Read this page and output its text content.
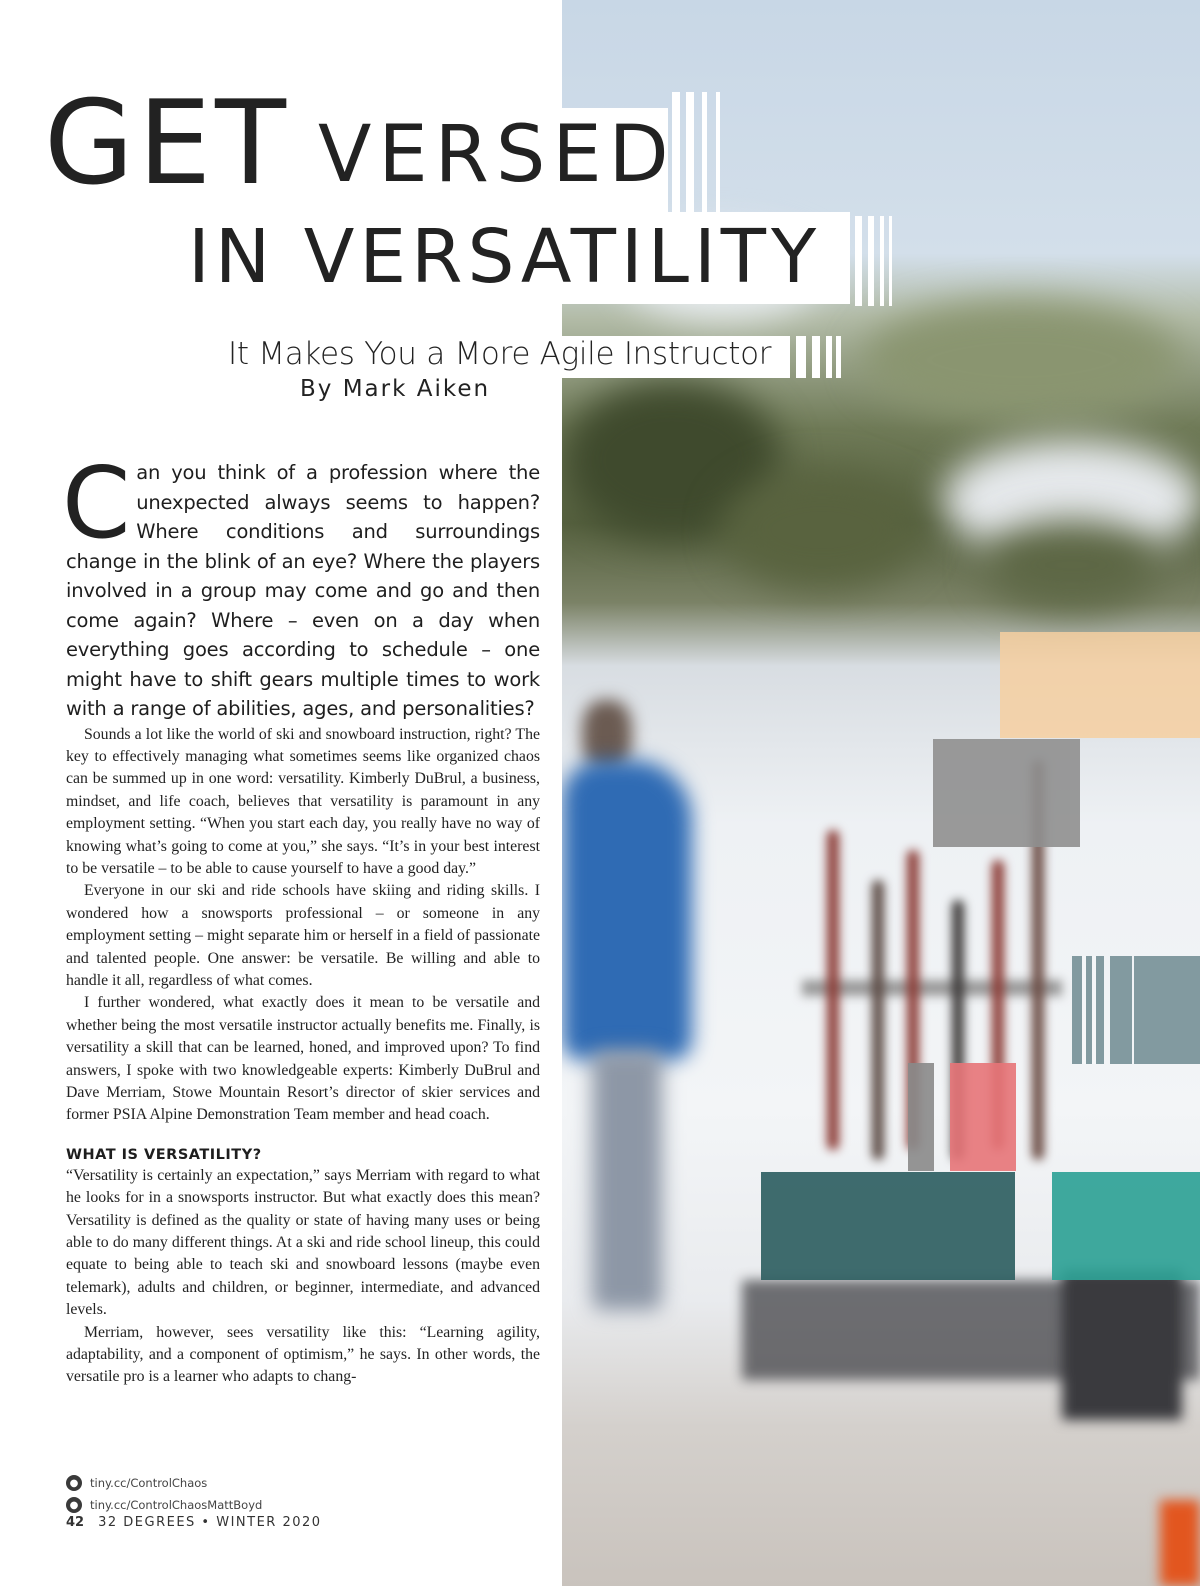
GET VERSED
IN VERSATILITY
It Makes You a More Agile Instructor
By Mark Aiken

Can you think of a profession where the unexpected always seems to happen? Where conditions and surroundings change in the blink of an eye? Where the players involved in a group may come and go and then come again? Where – even on a day when everything goes according to schedule – one might have to shift gears multiple times to work with a range of abilities, ages, and personalities?

Sounds a lot like the world of ski and snowboard instruction, right? The key to effectively managing what sometimes seems like organized chaos can be summed up in one word: versatility. Kimberly DuBrul, a business, mindset, and life coach, believes that versatility is paramount in any employment setting. “When you start each day, you really have no way of knowing what’s going to come at you,” she says. “It’s in your best interest to be versatile – to be able to cause yourself to have a good day.”

Everyone in our ski and ride schools have skiing and riding skills. I wondered how a snowsports professional – or someone in any employment setting – might separate him or herself in a field of passionate and talented people. One answer: be versatile. Be willing and able to handle it all, regardless of what comes.

I further wondered, what exactly does it mean to be versatile and whether being the most versatile instructor actually benefits me. Finally, is versatility a skill that can be learned, honed, and improved upon? To find answers, I spoke with two knowledgeable experts: Kimberly DuBrul and Dave Merriam, Stowe Mountain Resort’s director of skier services and former PSIA Alpine Demonstration Team member and head coach.

WHAT IS VERSATILITY?

“Versatility is certainly an expectation,” says Merriam with regard to what he looks for in a snowsports instructor. But what exactly does this mean? Versatility is defined as the quality or state of having many uses or being able to do many different things. At a ski and ride school lineup, this could equate to being able to teach ski and snowboard lessons (maybe even telemark), adults and children, or beginner, intermediate, and advanced levels.

Merriam, however, sees versatility like this: “Learning agility, adaptability, and a component of optimism,” he says. In other words, the versatile pro is a learner who adapts to chang-

●	tiny.cc/ControlChaos
●	tiny.cc/ControlChaosMattBoyd
42 32 DEGREES • WINTER 2020
